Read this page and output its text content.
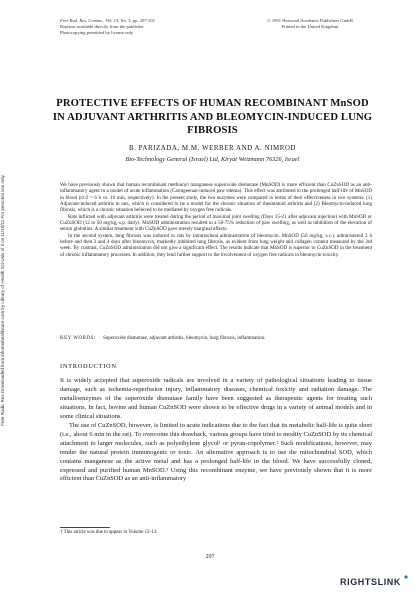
Free Radic Res Downloaded from informahealthcare.com by Library of Health Sci-Univ of Il on 11/10/11 For personal use only.
Free Rad. Res. Comms., Vol. 15, No. 5, pp. 297-301
Reprints available directly from the publisher
Photocopying permitted by license only
© 1991 Harwood Academic Publishers GmbH
Printed in the United Kingdom
PROTECTIVE EFFECTS OF HUMAN RECOMBINANT MnSOD IN ADJUVANT ARTHRITIS AND BLEOMYCIN-INDUCED LUNG FIBROSIS
B. PARIZADA, M.M. WERBER AND A. NIMROD
Bio-Technology General (Israel) Ltd, Kiryat Weizmann 76326, Israel

We have previously shown that human recombinant methionyl manganese superoxide dismutase (MnSOD) is more efficient than CuZnSOD as an anti-inflammatory agent in a model of acute inflammation (Carrageenan-induced paw edema). This effect was attributed to the prolonged half-life of MnSOD in blood (t1/2 = 6 h vs. 10 min, respectively). In the present study, the two enzymes were compared in terms of their effectiveness in two systems: (1) Adjuvant-induced arthritis in rats, which is considered to be a model for the chronic situation of rheumatoid arthritis and (2) Bleomycin-induced lung fibrosis, which is a chronic situation believed to be mediated by oxygen free radicals.

Rats inflicted with adjuvant arthritis were treated during the period of maximal joint swelling (Days 15-21 after adjuvant injection) with MnSOD or CuZnSOD (12 to 50 mg/kg, s.p. daily). MnSOD administration resulted in a 50-75% reduction of paw swelling, as well as inhibition of the elevation of serum globulins. A similar treatment with CuZnSOD gave merely marginal effects.

In the second system, lung fibrosis was induced in rats by intratracheal administration of bleomycin. MnSOD (50 mg/kg, s.c.), administered 2 h before and then 2 and 4 days after bleomycin, markedly inhibited lung fibrosis, as evident from lung weight and collagen content measured by the 3rd week. By contrast, CuZnSOD administration did not give a significant effect. The results indicate that MnSOD is superior to CuZnSOD in the treatment of chronic inflammatory processes. In addition, they lend further support to the involvement of oxygen free radicals in bleomycin toxicity.

KEY WORDS: Superoxide dismutase, adjuvant arthritis, bleomycin, lung fibrosis, inflammation.
INTRODUCTION

It is widely accepted that superoxide radicals are involved in a variety of pathological situations leading to tissue damage, such as ischemia-reperfusion injury, inflammatory diseases, chemical toxicity and radiation damage. The metalloenzymes of the superoxide dismutase family have been suggested as therapeutic agents for treating such situations. In fact, bovine and human CuZnSOD were shown to be effective drugs in a variety of animal models and in some clinical situations.

The use of CuZnSOD, however, is limited to acute indications due to the fact that its metabolic half-life is quite short (i.e., about 6 min in the rat). To overcome this drawback, various groups have tried to modify CuZnSOD by its chemical attachment to larger molecules, such as polyethylene glycol¹ or pyran-copolymer.² Such modifications, however, may render the natural protein immunogenic or toxic. An alternative approach is to use the mitochondrial SOD, which contains manganese as the active metal and has a prolonged half-life in the blood. We have successfully cloned, expressed and purified human MnSOD.³ Using this recombinant enzyme, we have previously shown that it is more efficient than CuZnSOD as an anti-inflammatory

† This article was due to appear in Volume 12-13.
297
RIGHTSLINK
